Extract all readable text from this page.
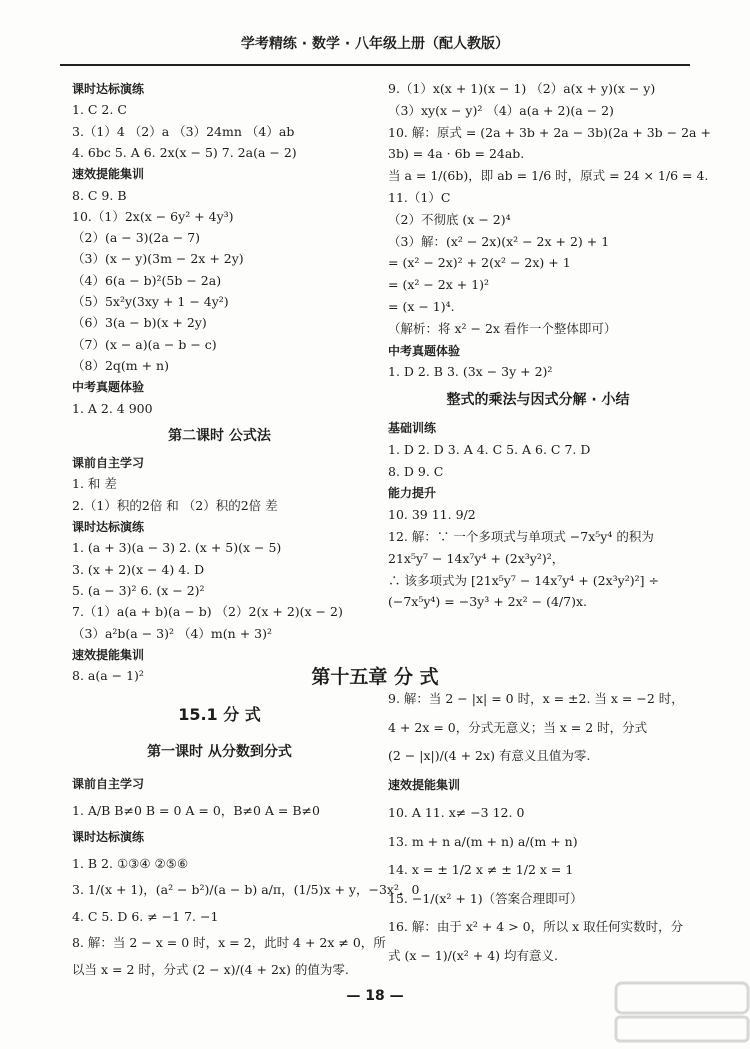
学考精练 · 数学 · 八年级上册（配人教版）
课时达标演练
1. C 2. C
3.（1）4 （2）a （3）24mn （4）ab
4. 6bc 5. A 6. 2x(x − 5) 7. 2a(a − 2)
速效提能集训
8. C 9. B
10.（1）2x(x − 6y² + 4y³)
（2）(a − 3)(2a − 7)
（3）(x − y)(3m − 2x + 2y)
（4）6(a − b)²(5b − 2a)
（5）5x²y(3xy + 1 − 4y²)
（6）3(a − b)(x + 2y)
（7）(x − a)(a − b − c)
（8）2q(m + n)
中考真题体验
1. A 2. 4 900
第二课时 公式法
课前自主学习
1. 和 差
2.（1）积的2倍 和 （2）积的2倍 差
课时达标演练
1. (a + 3)(a − 3) 2. (x + 5)(x − 5)
3. (x + 2)(x − 4) 4. D
5. (a − 3)² 6. (x − 2)²
7.（1）a(a + b)(a − b) （2）2(x + 2)(x − 2)
（3）a²b(a − 3)² （4）m(n + 3)²
速效提能集训
8. a(a − 1)²
9.（1）x(x + 1)(x − 1) （2）a(x + y)(x − y)
（3）xy(x − y)² （4）a(a + 2)(a − 2)
10. 解：原式 = (2a + 3b + 2a − 3b)(2a + 3b − 2a +
3b) = 4a · 6b = 24ab.
当 a = 1/(6b)，即 ab = 1/6 时，原式 = 24 × 1/6 = 4.
11.（1）C
（2）不彻底 (x − 2)⁴
（3）解：(x² − 2x)(x² − 2x + 2) + 1
= (x² − 2x)² + 2(x² − 2x) + 1
= (x² − 2x + 1)²
= (x − 1)⁴.
（解析：将 x² − 2x 看作一个整体即可）
中考真题体验
1. D 2. B 3. (3x − 3y + 2)²
整式的乘法与因式分解 · 小结
基础训练
1. D 2. D 3. A 4. C 5. A 6. C 7. D
8. D 9. C
能力提升
10. 39 11. 9/2
12. 解：∵ 一个多项式与单项式 −7x⁵y⁴ 的积为
21x⁵y⁷ − 14x⁷y⁴ + (2x³y²)²，
∴ 该多项式为 [21x⁵y⁷ − 14x⁷y⁴ + (2x³y²)²] ÷
(−7x⁵y⁴) = −3y³ + 2x² − (4/7)x.
第十五章 分 式
15.1 分 式
第一课时 从分数到分式
课前自主学习
1. A/B B≠0 B = 0 A = 0，B≠0 A = B≠0
课时达标演练
1. B 2. ①③④ ②⑤⑥
3. 1/(x + 1)，(a² − b²)/(a − b) a/π，(1/5)x + y，−3x²，0
4. C 5. D 6. ≠ −1 7. −1
8. 解：当 2 − x = 0 时，x = 2，此时 4 + 2x ≠ 0，所
以当 x = 2 时，分式 (2 − x)/(4 + 2x) 的值为零.
9. 解：当 2 − |x| = 0 时，x = ±2. 当 x = −2 时，
4 + 2x = 0，分式无意义；当 x = 2 时，分式
(2 − |x|)/(4 + 2x) 有意义且值为零.
速效提能集训
10. A 11. x≠ −3 12. 0
13. m + n a/(m + n) a/(m + n)
14. x = ± 1/2 x ≠ ± 1/2 x = 1
15. −1/(x² + 1)（答案合理即可）
16. 解：由于 x² + 4 > 0，所以 x 取任何实数时，分
式 (x − 1)/(x² + 4) 均有意义.
— 18 —
